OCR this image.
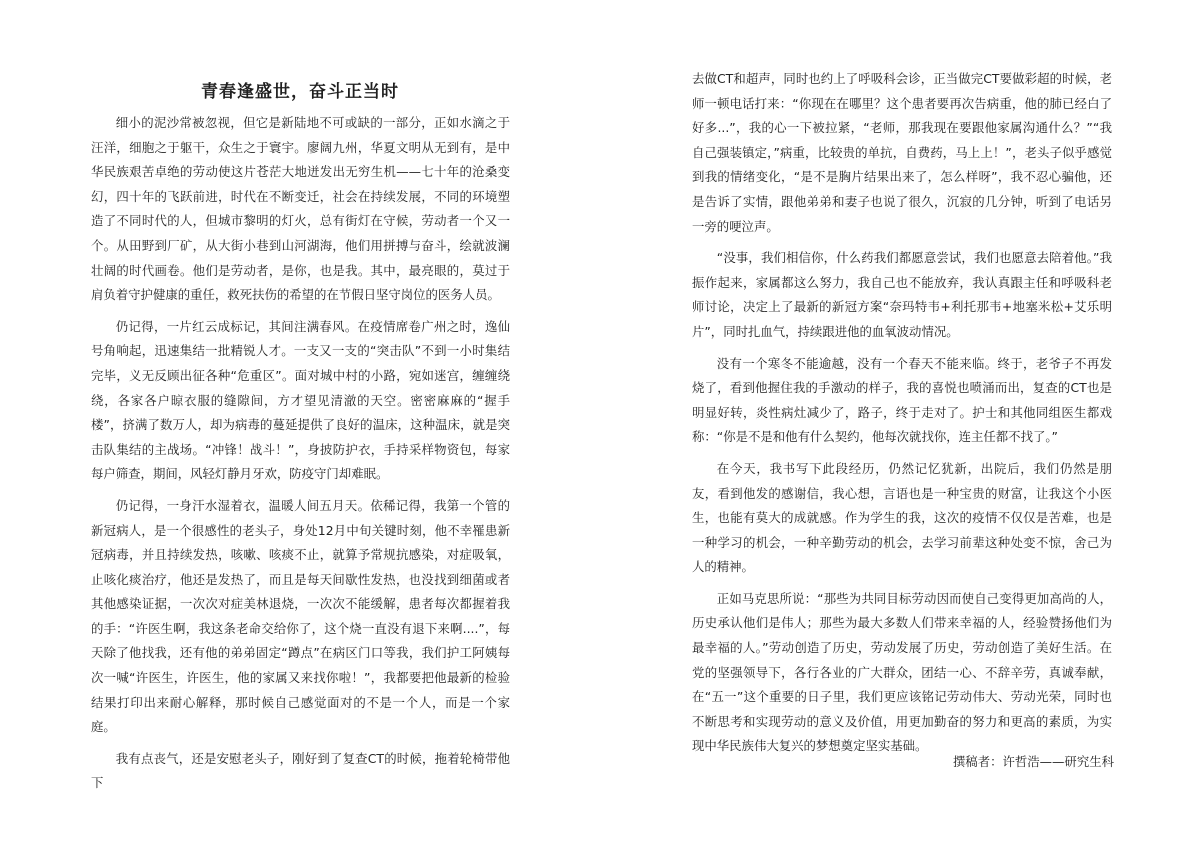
青春逢盛世，奋斗正当时

细小的泥沙常被忽视，但它是新陆地不可或缺的一部分，正如水滴之于汪洋，细胞之于躯干，众生之于寰宇。廖阔九州，华夏文明从无到有，是中华民族艰苦卓绝的劳动使这片苍茫大地迸发出无穷生机——七十年的沧桑变幻，四十年的飞跃前进，时代在不断变迁，社会在持续发展，不同的环境塑造了不同时代的人，但城市黎明的灯火，总有街灯在守候，劳动者一个又一个。从田野到厂矿，从大街小巷到山河湖海，他们用拼搏与奋斗，绘就波澜壮阔的时代画卷。他们是劳动者，是你，也是我。其中，最亮眼的，莫过于肩负着守护健康的重任，救死扶伤的希望的在节假日坚守岗位的医务人员。

仍记得，一片红云成标记，其间注满春风。在疫情席卷广州之时，逸仙号角响起，迅速集结一批精锐人才。一支又一支的“突击队”不到一小时集结完毕，义无反顾出征各种“危重区”。面对城中村的小路，宛如迷宫，缠缠绕绕，各家各户晾衣服的缝隙间，方才望见清澈的天空。密密麻麻的“握手楼”，挤满了数万人，却为病毒的蔓延提供了良好的温床，这种温床，就是突击队集结的主战场。“冲锋！战斗！”，身披防护衣，手持采样物资包，每家每户筛查，期间，风轻灯静月牙欢，防疫守门却难眠。

仍记得，一身汗水湿着衣，温暖人间五月天。依稀记得，我第一个管的新冠病人，是一个很感性的老头子，身处12月中旬关键时刻，他不幸罹患新冠病毒，并且持续发热，咳嗽、咳痰不止，就算予常规抗感染，对症吸氧，止咳化痰治疗，他还是发热了，而且是每天间歇性发热，也没找到细菌或者其他感染证据，一次次对症美林退烧，一次次不能缓解，患者每次都握着我的手：“许医生啊，我这条老命交给你了，这个烧一直没有退下来啊....”，每天除了他找我，还有他的弟弟固定“蹲点”在病区门口等我，我们护工阿姨每次一喊“许医生，许医生，他的家属又来找你啦！”，我都要把他最新的检验结果打印出来耐心解释，那时候自己感觉面对的不是一个人，而是一个家庭。

我有点丧气，还是安慰老头子，刚好到了复查CT的时候，拖着轮椅带他下

去做CT和超声，同时也约上了呼吸科会诊，正当做完CT要做彩超的时候，老师一顿电话打来：“你现在在哪里？这个患者要再次告病重，他的肺已经白了好多...”，我的心一下被拉紧，“老师，那我现在要跟他家属沟通什么？”“我自己强装镇定，”病重，比较贵的单抗，自费药，马上上！”，老头子似乎感觉到我的情绪变化，“是不是胸片结果出来了，怎么样呀”，我不忍心骗他，还是告诉了实情，跟他弟弟和妻子也说了很久，沉寂的几分钟，听到了电话另一旁的哽泣声。

“没事，我们相信你，什么药我们都愿意尝试，我们也愿意去陪着他。”我振作起来，家属都这么努力，我自己也不能放弃，我认真跟主任和呼吸科老师讨论，决定上了最新的新冠方案“奈玛特韦+利托那韦+地塞米松+艾乐明片”，同时扎血气，持续跟进他的血氧波动情况。

没有一个寒冬不能逾越，没有一个春天不能来临。终于，老爷子不再发烧了，看到他握住我的手激动的样子，我的喜悦也喷涌而出，复查的CT也是明显好转，炎性病灶减少了，路子，终于走对了。护士和其他同组医生都戏称：“你是不是和他有什么契约，他每次就找你，连主任都不找了。”

在今天，我书写下此段经历，仍然记忆犹新，出院后，我们仍然是朋友，看到他发的感谢信，我心想，言语也是一种宝贵的财富，让我这个小医生，也能有莫大的成就感。作为学生的我，这次的疫情不仅仅是苦难，也是一种学习的机会，一种辛勤劳动的机会，去学习前辈这种处变不惊，舍己为人的精神。

正如马克思所说：“那些为共同目标劳动因而使自己变得更加高尚的人，历史承认他们是伟人；那些为最大多数人们带来幸福的人，经验赞扬他们为最幸福的人。”劳动创造了历史，劳动发展了历史，劳动创造了美好生活。在党的坚强领导下，各行各业的广大群众，团结一心、不辞辛劳，真诚奉献，在“五一”这个重要的日子里，我们更应该铭记劳动伟大、劳动光荣，同时也不断思考和实现劳动的意义及价值，用更加勤奋的努力和更高的素质，为实现中华民族伟大复兴的梦想奠定坚实基础。

撰稿者：许哲浩——研究生科
